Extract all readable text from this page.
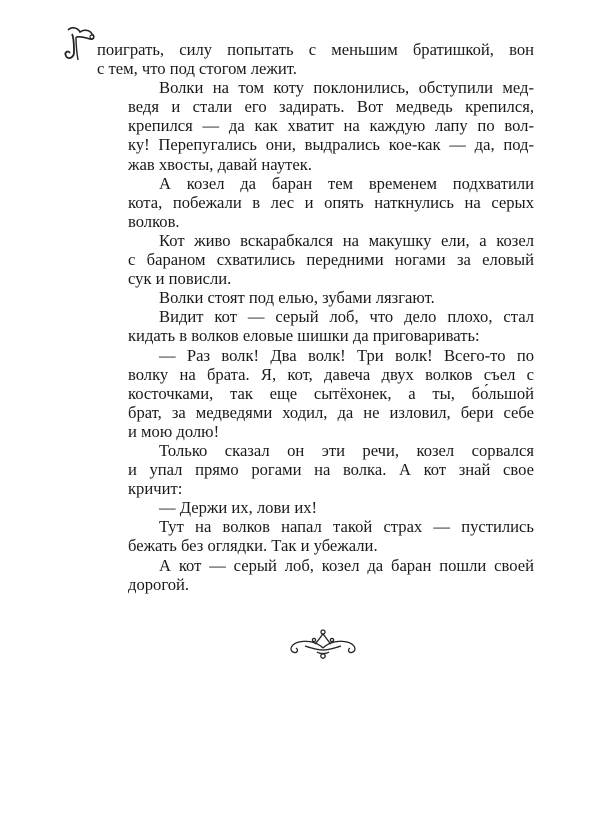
поиграть, силу попытать с меньшим братишкой, вон
с тем, что под стогом лежит.

Волки на том коту поклонились, обступили мед-
ведя и стали его задирать. Вот медведь крепился,
крепился — да как хватит на каждую лапу по вол-
ку! Перепугались они, выдрались кое-как — да, под-
жав хвосты, давай наутек.

А козел да баран тем временем подхватили
кота, побежали в лес и опять наткнулись на серых
волков.

Кот живо вскарабкался на макушку ели, а козел
с бараном схватились передними ногами за еловый
сук и повисли.

Волки стоят под елью, зубами лязгают.

Видит кот — серый лоб, что дело плохо, стал
кидать в волков еловые шишки да приговаривать:

— Раз волк! Два волк! Три волк! Всего-то по
волку на брата. Я, кот, давеча двух волков съел с
косточками, так еще сытёхонек, а ты, бо́льшой
брат, за медведями ходил, да не изловил, бери себе
и мою долю!

Только сказал он эти речи, козел сорвался
и упал прямо рогами на волка. А кот знай свое
кричит:

— Держи их, лови их!

Тут на волков напал такой страх — пустились
бежать без оглядки. Так и убежали.

А кот — серый лоб, козел да баран пошли своей
дорогой.
